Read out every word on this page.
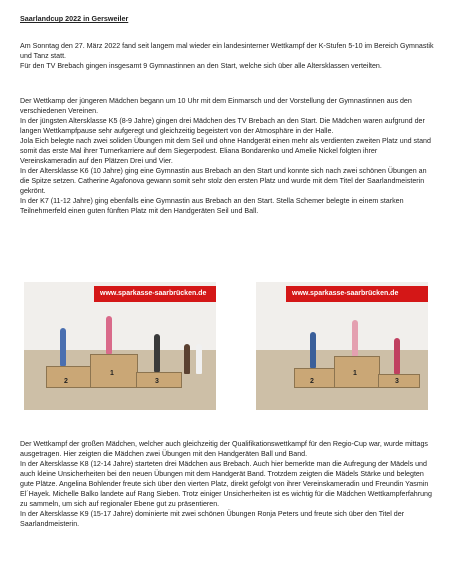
Saarlandcup 2022 in Gersweiler

Am Sonntag den 27. März 2022 fand seit langem mal wieder ein landesinterner Wettkampf der K-Stufen 5-10 im Bereich Gymnastik und Tanz statt.

Für den TV Brebach gingen insgesamt 9 Gymnastinnen an den Start, welche sich über alle Altersklassen verteilten.

Der Wettkamp der jüngeren Mädchen begann um 10 Uhr mit dem Einmarsch und der Vorstellung der Gymnastinnen aus den verschiedenen Vereinen.

In der jüngsten Altersklasse K5 (8-9 Jahre) gingen drei Mädchen des TV Brebach an den Start. Die Mädchen waren aufgrund der langen Wettkampfpause sehr aufgeregt und gleichzeitig begeistert von der Atmosphäre in der Halle.

Jola Eich belegte nach zwei soliden Übungen mit dem Seil und ohne Handgerät einen mehr als verdienten zweiten Platz und stand somit das erste Mal ihrer Turnerkarriere auf dem Siegerpodest. Eliana Bondarenko und Amelie Nickel folgten ihrer Vereinskameradin auf den Plätzen Drei und Vier.

In der Altersklasse K6 (10 Jahre) ging eine Gymnastin aus Brebach an den Start und konnte sich nach zwei schönen Übungen an die Spitze setzen. Catherine Agafonova gewann somit sehr stolz den ersten Platz und wurde mit dem Titel der Saarlandmeisterin gekrönt.

In der K7 (11-12 Jahre) ging ebenfalls eine Gymnastin aus Brebach an den Start. Stella Schemer belegte in einem starken Teilnehmerfeld einen guten fünften Platz mit den Handgeräten Seil und Ball.

www.sparkasse-saarbrücken.de
2
1
3
www.sparkasse-saarbrücken.de
2
1
3

Der Wettkampf der großen Mädchen, welcher auch gleichzeitig der Qualifikationswettkampf für den Regio-Cup war, wurde mittags ausgetragen. Hier zeigten die Mädchen zwei Übungen mit den Handgeräten Ball und Band.

In der Altersklasse K8 (12-14 Jahre) starteten drei Mädchen aus Brebach. Auch hier bemerkte man die Aufregung der Mädels und auch kleine Unsicherheiten bei den neuen Übungen mit dem Handgerät Band. Trotzdem zeigten die Mädels Stärke und belegten gute Plätze. Angelina Bohlender freute sich über den vierten Platz, direkt gefolgt von ihrer Vereinskameradin und Freundin Yasmin El´Hayek. Michelle Balko landete auf Rang Sieben. Trotz einiger Unsicherheiten ist es wichtig für die Mädchen Wettkampferfahrung zu sammeln, um sich auf regionaler Ebene gut zu präsentieren.

In der Altersklasse K9 (15-17 Jahre) dominierte mit zwei schönen Übungen Ronja Peters und freute sich über den Titel der Saarlandmeisterin.
